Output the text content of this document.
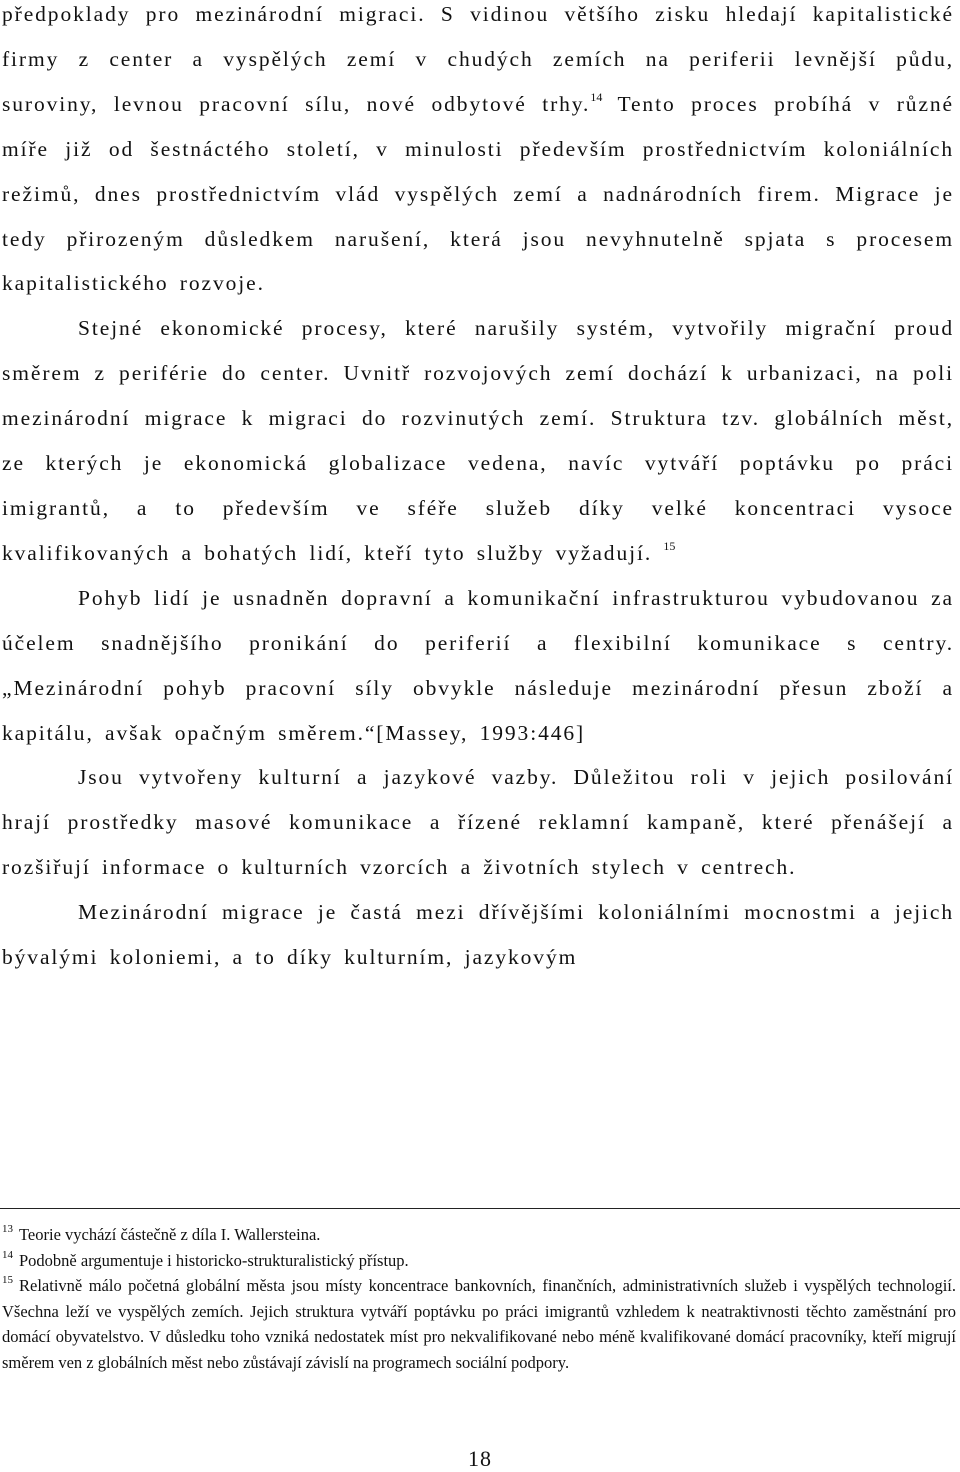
předpoklady pro mezinárodní migraci. S vidinou většího zisku hledají kapitalistické firmy z center a vyspělých zemí v chudých zemích na periferii levnější půdu, suroviny, levnou pracovní sílu, nové odbytové trhy.$^{14}$ Tento proces probíhá v různé míře již od šestnáctého století, v minulosti především prostřednictvím koloniálních režimů, dnes prostřednictvím vlád vyspělých zemí a nadnárodních firem. Migrace je tedy přirozeným důsledkem narušení, která jsou nevyhnutelně spjata s procesem kapitalistického rozvoje.

Stejné ekonomické procesy, které narušily systém, vytvořily migrační proud směrem z periférie do center. Uvnitř rozvojových zemí dochází k urbanizaci, na poli mezinárodní migrace k migraci do rozvinutých zemí. Struktura tzv. globálních měst, ze kterých je ekonomická globalizace vedena, navíc vytváří poptávku po práci imigrantů, a to především ve sféře služeb díky velké koncentraci vysoce kvalifikovaných a bohatých lidí, kteří tyto služby vyžadují. $^{15}$

Pohyb lidí je usnadněn dopravní a komunikační infrastrukturou vybudovanou za účelem snadnějšího pronikání do periferií a flexibilní komunikace s centry. „Mezinárodní pohyb pracovní síly obvykle následuje mezinárodní přesun zboží a kapitálu, avšak opačným směrem.“[Massey, 1993:446]

Jsou vytvořeny kulturní a jazykové vazby. Důležitou roli v jejich posilování hrají prostředky masové komunikace a řízené reklamní kampaně, které přenášejí a rozšiřují informace o kulturních vzorcích a životních stylech v centrech.

Mezinárodní migrace je častá mezi dřívějšími koloniálními mocnostmi a jejich bývalými koloniemi, a to díky kulturním, jazykovým

$^{13}$ Teorie vychází částečně z díla I. Wallersteina.

$^{14}$ Podobně argumentuje i historicko-strukturalistický přístup.

$^{15}$ Relativně málo početná globální města jsou místy koncentrace bankovních, finančních, administrativních služeb i vyspělých technologií. Všechna leží ve vyspělých zemích. Jejich struktura vytváří poptávku po práci imigrantů vzhledem k neatraktivnosti těchto zaměstnání pro domácí obyvatelstvo. V důsledku toho vzniká nedostatek míst pro nekvalifikované nebo méně kvalifikované domácí pracovníky, kteří migrují směrem ven z globálních měst nebo zůstávají závislí na programech sociální podpory.

18
